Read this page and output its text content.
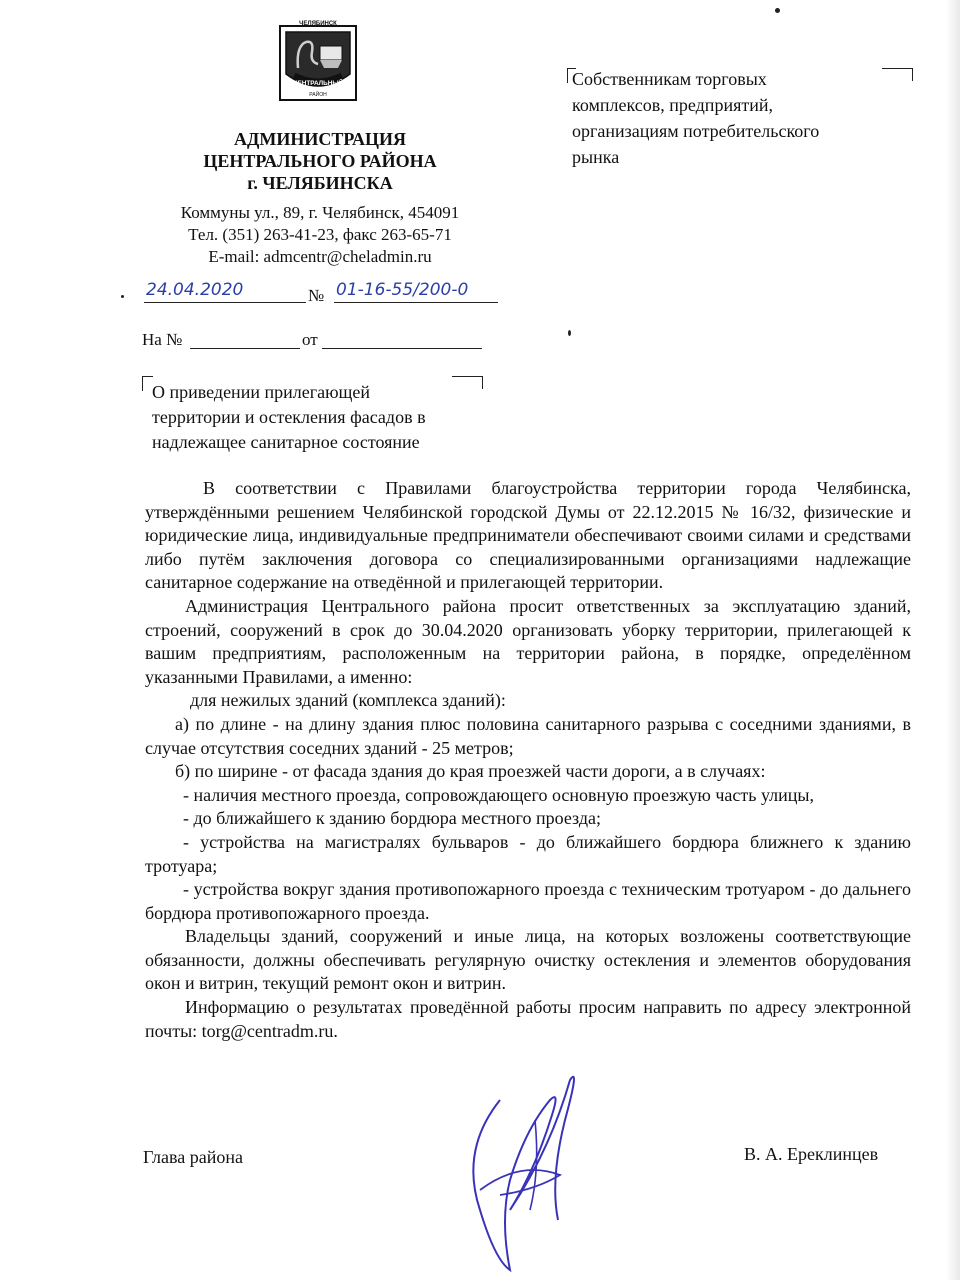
ЧЕЛЯБИНСК
ЦЕНТРАЛЬНЫЙ
РАЙОН
АДМИНИСТРАЦИЯ
ЦЕНТРАЛЬНОГО РАЙОНА
г. ЧЕЛЯБИНСКА
Коммуны ул., 89, г. Челябинск, 454091
Тел. (351) 263-41-23, факс 263-65-71
E-mail: admcentr@cheladmin.ru
24.04.2020	№ 01-16-55/200-0
На №	от
Собственникам торговых
комплексов, предприятий,
организациям потребительского
рынка
О приведении прилегающей
территории и остекления фасадов в
надлежащее санитарное состояние

В соответствии с Правилами благоустройства территории города Челябинска, утверждёнными решением Челябинской городской Думы от 22.12.2015 № 16/32, физические и юридические лица, индивидуальные предприниматели обеспечивают своими силами и средствами либо путём заключения договора со специализированными организациями надлежащие санитарное содержание на отведённой и прилегающей территории.

Администрация Центрального района просит ответственных за эксплуатацию зданий, строений, сооружений в срок до 30.04.2020 организовать уборку территории, прилегающей к вашим предприятиям, расположенным на территории района, в порядке, определённом указанными Правилами, а именно:

для нежилых зданий (комплекса зданий):

а) по длине - на длину здания плюс половина санитарного разрыва с соседними зданиями, в случае отсутствия соседних зданий - 25 метров;

б) по ширине - от фасада здания до края проезжей части дороги, а в случаях:

- наличия местного проезда, сопровождающего основную проезжую часть улицы,

- до ближайшего к зданию бордюра местного проезда;

- устройства на магистралях бульваров - до ближайшего бордюра ближнего к зданию тротуара;

- устройства вокруг здания противопожарного проезда с техническим тротуаром - до дальнего бордюра противопожарного проезда.

Владельцы зданий, сооружений и иные лица, на которых возложены соответствующие обязанности, должны обеспечивать регулярную очистку остекления и элементов оборудования окон и витрин, текущий ремонт окон и витрин.

Информацию о результатах проведённой работы просим направить по адресу электронной почты: torg@centradm.ru.

Глава района	В. А. Ереклинцев
